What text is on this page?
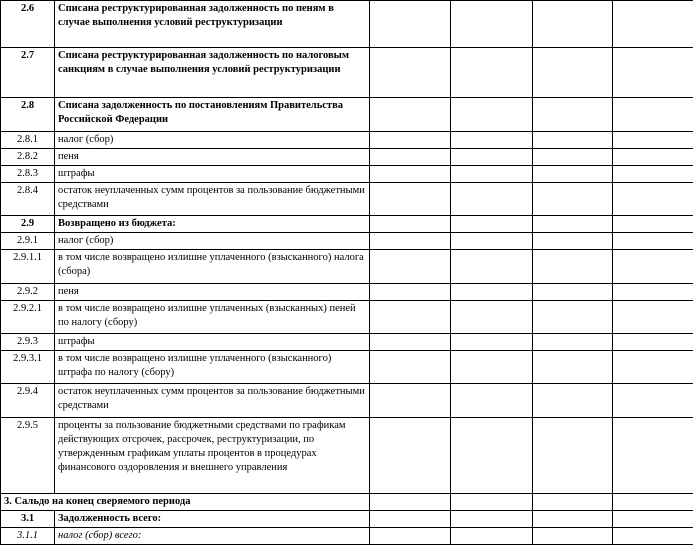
2.6	Списана реструктурированная задолженность по пеням в случае выполнения условий реструктуризации				
2.7	Списана реструктурированная задолженность по налоговым санкциям в случае выполнения условий реструктуризации				
2.8	Списана задолженность по постановлениям Правительства Российской Федерации				
2.8.1	налог (сбор)				
2.8.2	пеня				
2.8.3	штрафы				
2.8.4	остаток неуплаченных сумм процентов за пользование бюджетными средствами				
2.9	Возвращено из бюджета:				
2.9.1	налог (сбор)				
2.9.1.1	в том числе возвращено излишне уплаченного (взысканного) налога (сбора)				
2.9.2	пеня				
2.9.2.1	в том числе возвращено излишне уплаченных (взысканных) пеней по налогу (сбору)				
2.9.3	штрафы				
2.9.3.1	в том числе возвращено излишне уплаченного (взысканного) штрафа по налогу (сбору)				
2.9.4	остаток неуплаченных сумм процентов за пользование бюджетными средствами				
2.9.5	проценты за пользование бюджетными средствами по графикам действующих отсрочек, рассрочек, реструктуризации, по утвержденным графикам уплаты процентов в процедурах финансового оздоровления и внешнего управления				
3. Сальдо на конец сверяемого периода					
3.1	Задолженность всего:				
3.1.1	налог (сбор) всего:				
